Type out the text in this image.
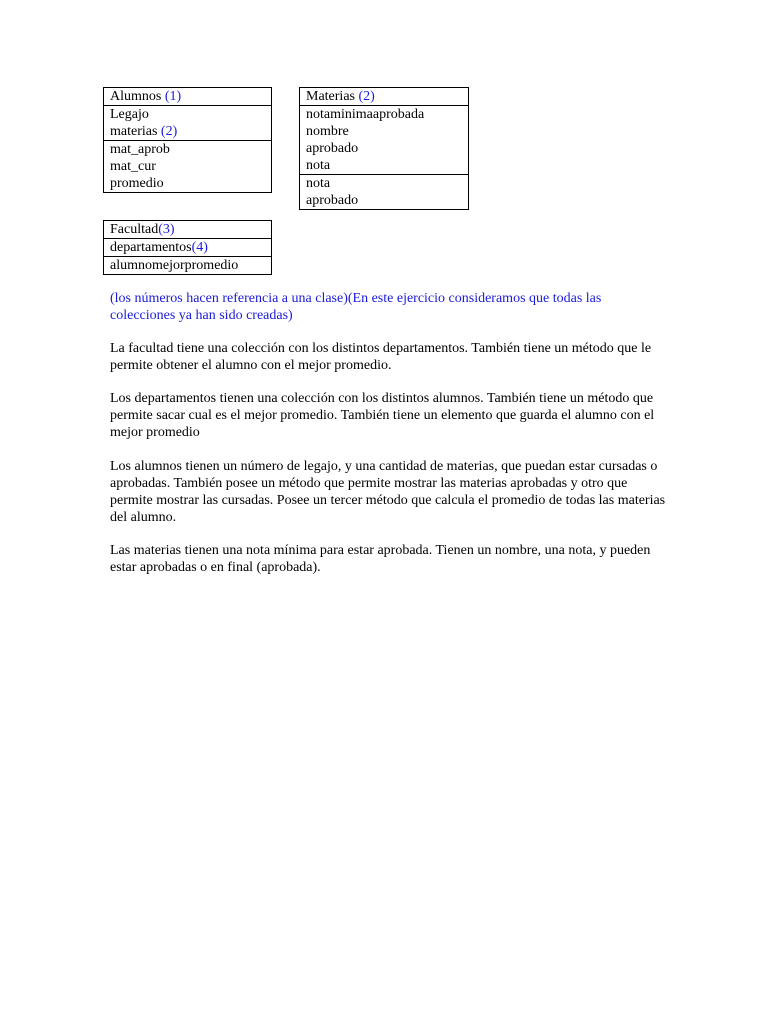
Alumnos (1)
Legajo
materias (2)
mat_aprob
mat_cur
promedio
Materias (2)
notaminimaaprobada
nombre
aprobado
nota
nota
aprobado
Facultad(3)
departamentos(4)
alumnomejorpromedio

(los números hacen referencia a una clase)(En este ejercicio consideramos que todas las colecciones ya han sido creadas)

La facultad tiene una colección con los distintos departamentos. También tiene un método que le permite obtener el alumno con el mejor promedio.

Los departamentos tienen una colección con los distintos alumnos. También tiene un método que permite sacar cual es el mejor promedio. También tiene un elemento que guarda el alumno con el mejor promedio

Los alumnos tienen un número de legajo, y una cantidad de materias, que puedan estar cursadas o aprobadas. También posee un método que permite mostrar las materias aprobadas y otro que permite mostrar las cursadas. Posee un tercer método que calcula el promedio de todas las materias del alumno.

Las materias tienen una nota mínima para estar aprobada. Tienen un nombre, una nota, y pueden estar aprobadas o en final (aprobada).
